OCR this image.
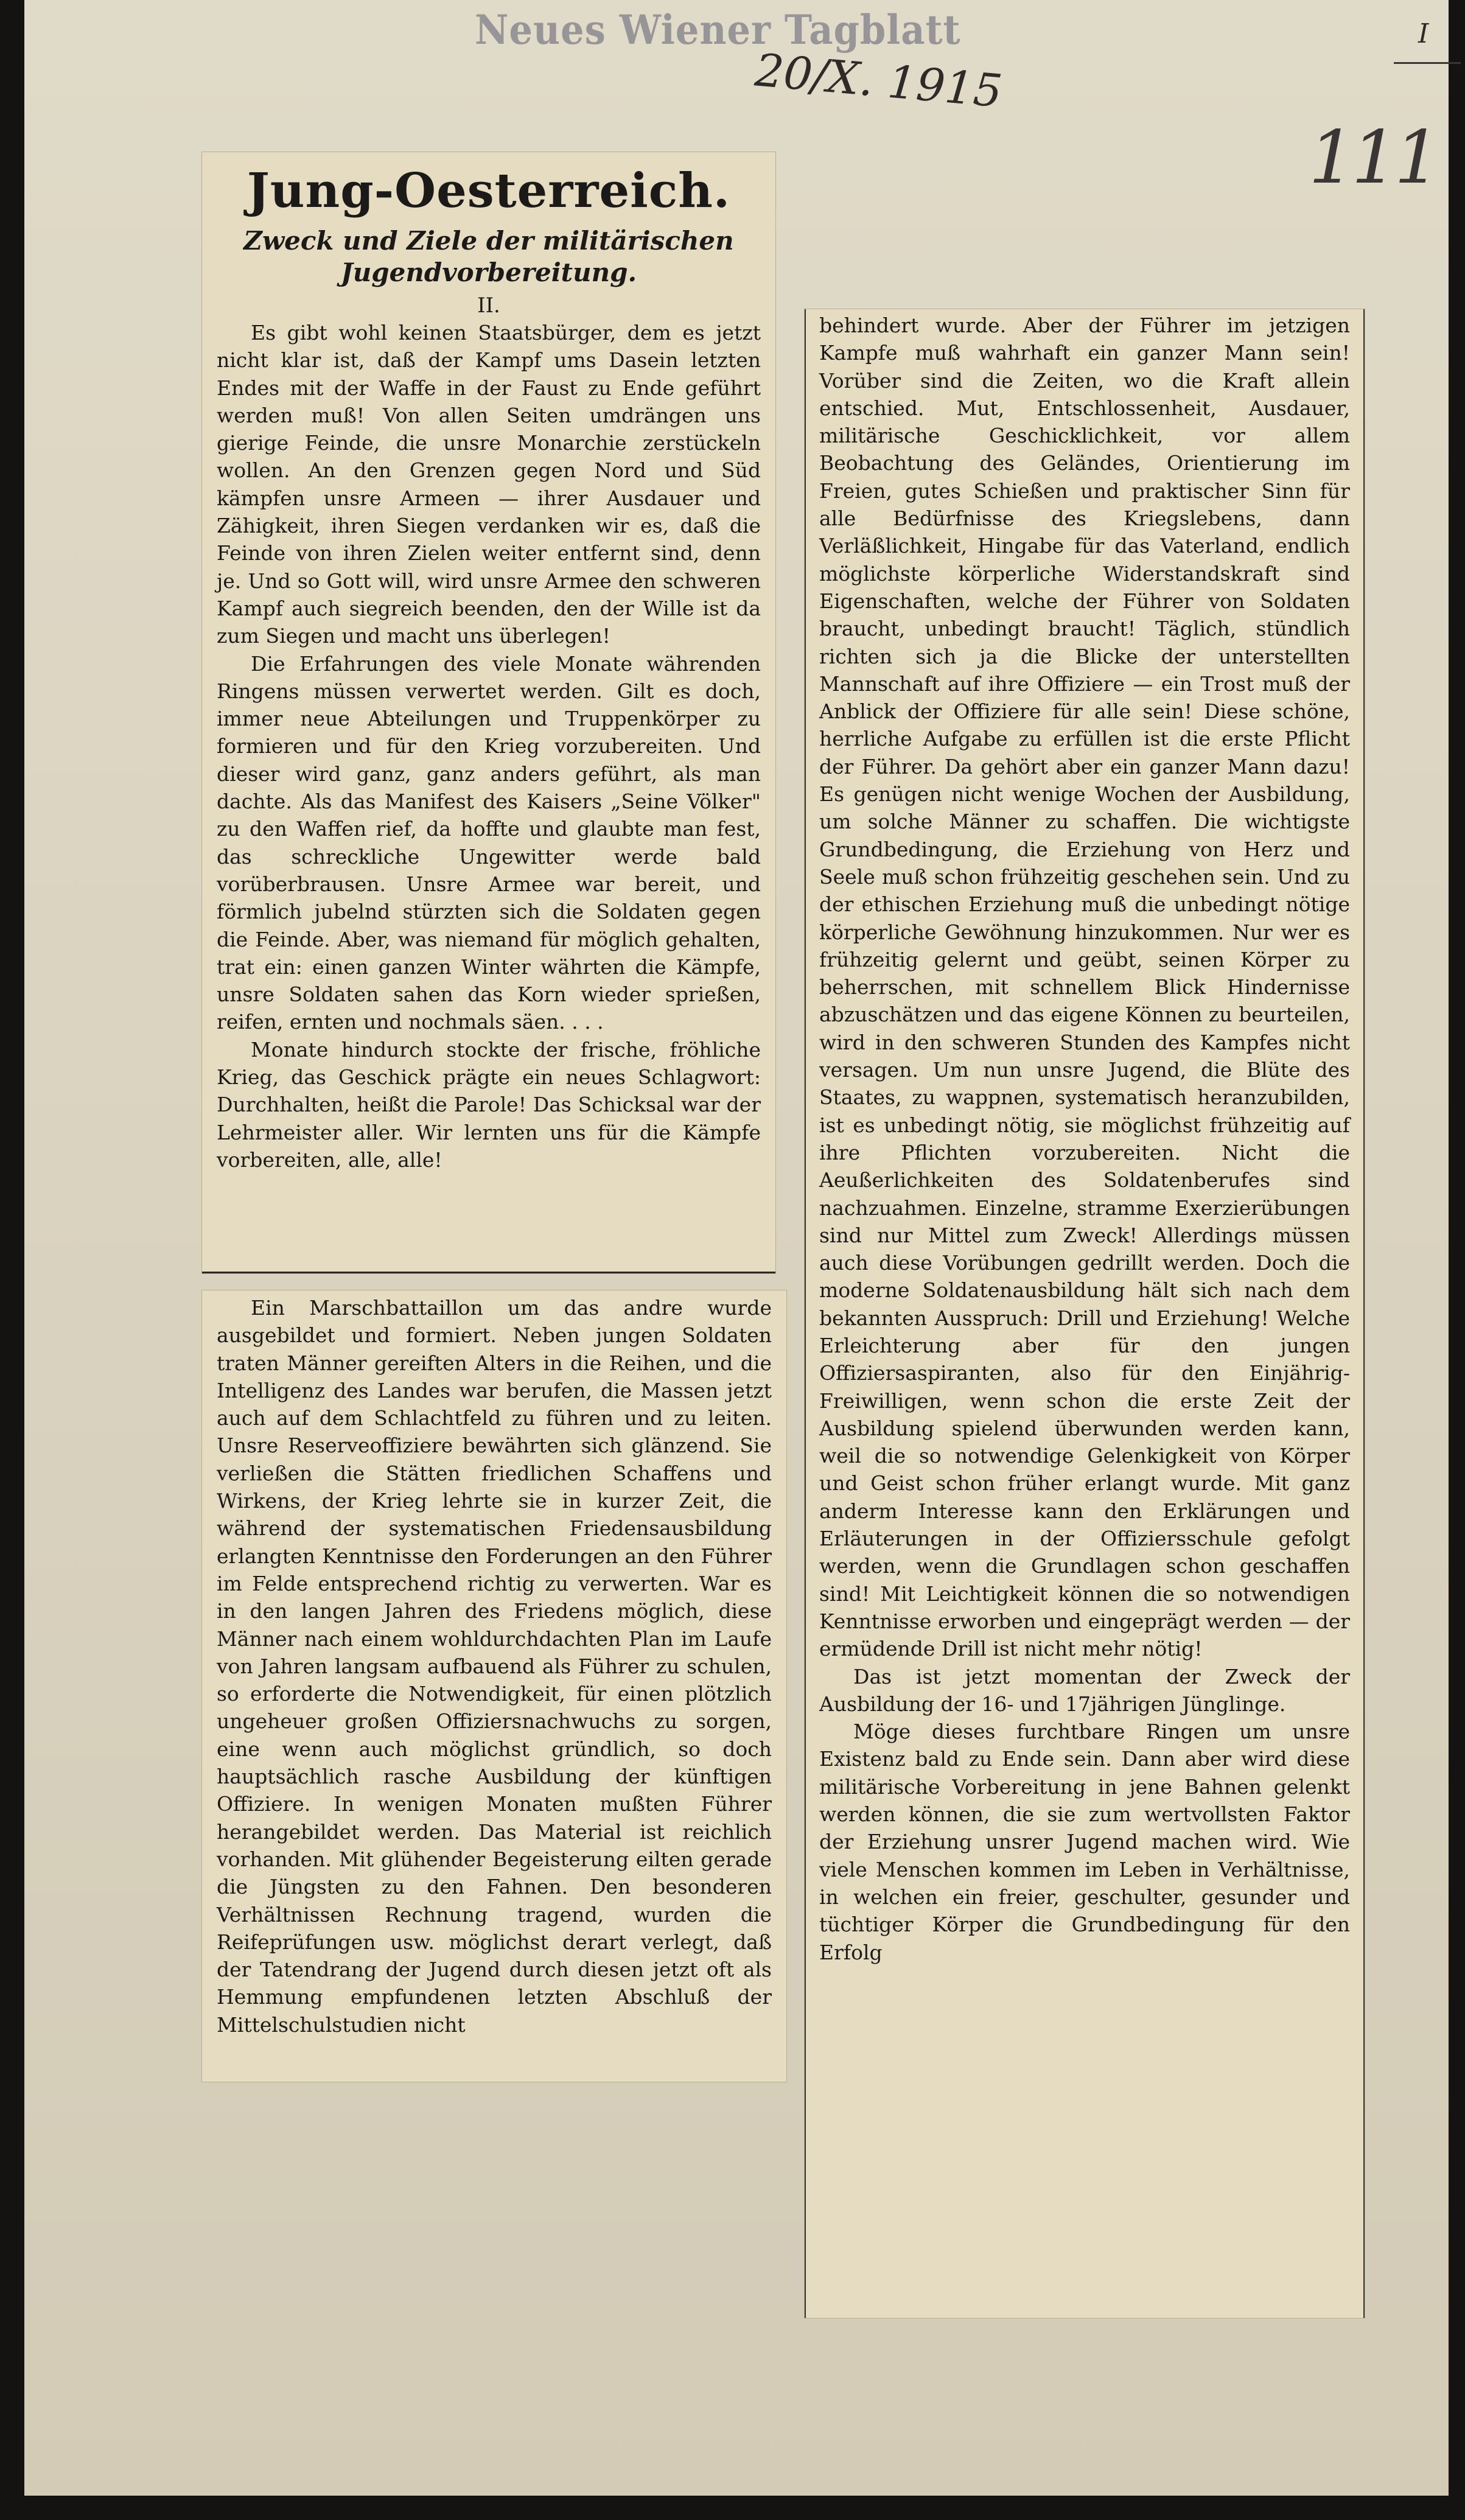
Neues Wiener Tagblatt
20/X. 1915
I
111
Jung-Oesterreich.
Zweck und Ziele der militärischen Jugendvorbereitung.
II.

Es gibt wohl keinen Staatsbürger, dem es jetzt nicht klar ist, daß der Kampf ums Dasein letzten Endes mit der Waffe in der Faust zu Ende geführt werden muß! Von allen Seiten umdrängen uns gierige Feinde, die unsre Monarchie zerstückeln wollen. An den Grenzen gegen Nord und Süd kämpfen unsre Armeen — ihrer Ausdauer und Zähigkeit, ihren Siegen verdanken wir es, daß die Feinde von ihren Zielen weiter entfernt sind, denn je. Und so Gott will, wird unsre Armee den schweren Kampf auch siegreich beenden, den der Wille ist da zum Siegen und macht uns überlegen!

Die Erfahrungen des viele Monate währenden Ringens müssen verwertet werden. Gilt es doch, immer neue Abteilungen und Truppenkörper zu formieren und für den Krieg vorzubereiten. Und dieser wird ganz, ganz anders geführt, als man dachte. Als das Manifest des Kaisers „Seine Völker" zu den Waffen rief, da hoffte und glaubte man fest, das schreckliche Ungewitter werde bald vorüberbrausen. Unsre Armee war bereit, und förmlich jubelnd stürzten sich die Soldaten gegen die Feinde. Aber, was niemand für möglich gehalten, trat ein: einen ganzen Winter währten die Kämpfe, unsre Soldaten sahen das Korn wieder sprießen, reifen, ernten und nochmals säen. . . .

Monate hindurch stockte der frische, fröhliche Krieg, das Geschick prägte ein neues Schlagwort: Durchhalten, heißt die Parole! Das Schicksal war der Lehrmeister aller. Wir lernten uns für die Kämpfe vorbereiten, alle, alle!

Ein Marschbattaillon um das andre wurde ausgebildet und formiert. Neben jungen Soldaten traten Männer gereiften Alters in die Reihen, und die Intelligenz des Landes war berufen, die Massen jetzt auch auf dem Schlachtfeld zu führen und zu leiten. Unsre Reserveoffiziere bewährten sich glänzend. Sie verließen die Stätten friedlichen Schaffens und Wirkens, der Krieg lehrte sie in kurzer Zeit, die während der systematischen Friedensausbildung erlangten Kenntnisse den Forderungen an den Führer im Felde entsprechend richtig zu verwerten. War es in den langen Jahren des Friedens möglich, diese Männer nach einem wohldurchdachten Plan im Laufe von Jahren langsam aufbauend als Führer zu schulen, so erforderte die Notwendigkeit, für einen plötzlich ungeheuer großen Offiziersnachwuchs zu sorgen, eine wenn auch möglichst gründlich, so doch hauptsächlich rasche Ausbildung der künftigen Offiziere. In wenigen Monaten mußten Führer herangebildet werden. Das Material ist reichlich vorhanden. Mit glühender Begeisterung eilten gerade die Jüngsten zu den Fahnen. Den besonderen Verhältnissen Rechnung tragend, wurden die Reifeprüfungen usw. möglichst derart verlegt, daß der Tatendrang der Jugend durch diesen jetzt oft als Hemmung empfundenen letzten Abschluß der Mittelschulstudien nicht

behindert wurde. Aber der Führer im jetzigen Kampfe muß wahrhaft ein ganzer Mann sein! Vorüber sind die Zeiten, wo die Kraft allein entschied. Mut, Entschlossenheit, Ausdauer, militärische Geschicklichkeit, vor allem Beobachtung des Geländes, Orientierung im Freien, gutes Schießen und praktischer Sinn für alle Bedürfnisse des Kriegslebens, dann Verläßlichkeit, Hingabe für das Vaterland, endlich möglichste körperliche Widerstandskraft sind Eigenschaften, welche der Führer von Soldaten braucht, unbedingt braucht! Täglich, stündlich richten sich ja die Blicke der unterstellten Mannschaft auf ihre Offiziere — ein Trost muß der Anblick der Offiziere für alle sein! Diese schöne, herrliche Aufgabe zu erfüllen ist die erste Pflicht der Führer. Da gehört aber ein ganzer Mann dazu! Es genügen nicht wenige Wochen der Ausbildung, um solche Männer zu schaffen. Die wichtigste Grundbedingung, die Erziehung von Herz und Seele muß schon frühzeitig geschehen sein. Und zu der ethischen Erziehung muß die unbedingt nötige körperliche Gewöhnung hinzukommen. Nur wer es frühzeitig gelernt und geübt, seinen Körper zu beherrschen, mit schnellem Blick Hindernisse abzuschätzen und das eigene Können zu beurteilen, wird in den schweren Stunden des Kampfes nicht versagen. Um nun unsre Jugend, die Blüte des Staates, zu wappnen, systematisch heranzubilden, ist es unbedingt nötig, sie möglichst frühzeitig auf ihre Pflichten vorzubereiten. Nicht die Aeußerlichkeiten des Soldatenberufes sind nachzuahmen. Einzelne, stramme Exerzierübungen sind nur Mittel zum Zweck! Allerdings müssen auch diese Vorübungen gedrillt werden. Doch die moderne Soldatenausbildung hält sich nach dem bekannten Ausspruch: Drill und Erziehung! Welche Erleichterung aber für den jungen Offiziersaspiranten, also für den Einjährig-Freiwilligen, wenn schon die erste Zeit der Ausbildung spielend überwunden werden kann, weil die so notwendige Gelenkigkeit von Körper und Geist schon früher erlangt wurde. Mit ganz anderm Interesse kann den Erklärungen und Erläuterungen in der Offiziersschule gefolgt werden, wenn die Grundlagen schon geschaffen sind! Mit Leichtigkeit können die so notwendigen Kenntnisse erworben und eingeprägt werden — der ermüdende Drill ist nicht mehr nötig!

Das ist jetzt momentan der Zweck der Ausbildung der 16- und 17jährigen Jünglinge.

Möge dieses furchtbare Ringen um unsre Existenz bald zu Ende sein. Dann aber wird diese militärische Vorbereitung in jene Bahnen gelenkt werden können, die sie zum wertvollsten Faktor der Erziehung unsrer Jugend machen wird. Wie viele Menschen kommen im Leben in Verhältnisse, in welchen ein freier, geschulter, gesunder und tüchtiger Körper die Grundbedingung für den Erfolg
